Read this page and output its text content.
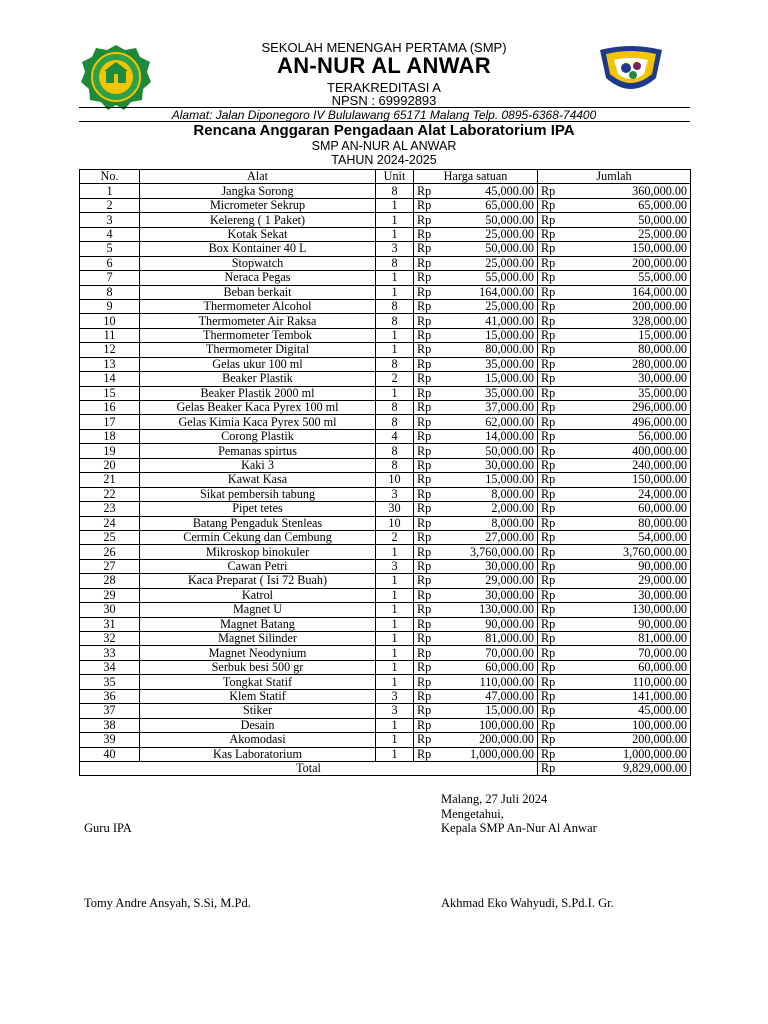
SEKOLAH MENENGAH PERTAMA (SMP)
AN-NUR AL ANWAR
TERAKREDITASI A
NPSN : 69992893
Alamat: Jalan Diponegoro IV Bululawang 65171 Malang Telp. 0895-6368-74400
Rencana Anggaran Pengadaan Alat Laboratorium IPA
SMP AN-NUR AL ANWAR
TAHUN 2024-2025
No.	Alat	Unit	Harga satuan		Jumlah	
1	Jangka Sorong	8	Rp	45,000.00	Rp	360,000.00
2	Micrometer Sekrup	1	Rp	65,000.00	Rp	65,000.00
3	Kelereng ( 1 Paket)	1	Rp	50,000.00	Rp	50,000.00
4	Kotak Sekat	1	Rp	25,000.00	Rp	25,000.00
5	Box Kontainer 40 L	3	Rp	50,000.00	Rp	150,000.00
6	Stopwatch	8	Rp	25,000.00	Rp	200,000.00
7	Neraca Pegas	1	Rp	55,000.00	Rp	55,000.00
8	Beban berkait	1	Rp	164,000.00	Rp	164,000.00
9	Thermometer Alcohol	8	Rp	25,000.00	Rp	200,000.00
10	Thermometer Air Raksa	8	Rp	41,000.00	Rp	328,000.00
11	Thermometer Tembok	1	Rp	15,000.00	Rp	15,000.00
12	Thermometer Digital	1	Rp	80,000.00	Rp	80,000.00
13	Gelas ukur 100 ml	8	Rp	35,000.00	Rp	280,000.00
14	Beaker Plastik	2	Rp	15,000.00	Rp	30,000.00
15	Beaker Plastik 2000 ml	1	Rp	35,000.00	Rp	35,000.00
16	Gelas Beaker Kaca Pyrex 100 ml	8	Rp	37,000.00	Rp	296,000.00
17	Gelas Kimia Kaca Pyrex 500 ml	8	Rp	62,000.00	Rp	496,000.00
18	Corong Plastik	4	Rp	14,000.00	Rp	56,000.00
19	Pemanas spirtus	8	Rp	50,000.00	Rp	400,000.00
20	Kaki 3	8	Rp	30,000.00	Rp	240,000.00
21	Kawat Kasa	10	Rp	15,000.00	Rp	150,000.00
22	Sikat pembersih tabung	3	Rp	8,000.00	Rp	24,000.00
23	Pipet tetes	30	Rp	2,000.00	Rp	60,000.00
24	Batang Pengaduk Stenleas	10	Rp	8,000.00	Rp	80,000.00
25	Cermin Cekung dan Cembung	2	Rp	27,000.00	Rp	54,000.00
26	Mikroskop binokuler	1	Rp	3,760,000.00	Rp	3,760,000.00
27	Cawan Petri	3	Rp	30,000.00	Rp	90,000.00
28	Kaca Preparat ( Isi 72 Buah)	1	Rp	29,000.00	Rp	29,000.00
29	Katrol	1	Rp	30,000.00	Rp	30,000.00
30	Magnet U	1	Rp	130,000.00	Rp	130,000.00
31	Magnet Batang	1	Rp	90,000.00	Rp	90,000.00
32	Magnet Silinder	1	Rp	81,000.00	Rp	81,000.00
33	Magnet Neodynium	1	Rp	70,000.00	Rp	70,000.00
34	Serbuk besi 500 gr	1	Rp	60,000.00	Rp	60,000.00
35	Tongkat Statif	1	Rp	110,000.00	Rp	110,000.00
36	Klem Statif	3	Rp	47,000.00	Rp	141,000.00
37	Stiker	3	Rp	15,000.00	Rp	45,000.00
38	Desain	1	Rp	100,000.00	Rp	100,000.00
39	Akomodasi	1	Rp	200,000.00	Rp	200,000.00
40	Kas Laboratorium	1	Rp	1,000,000.00	Rp	1,000,000.00
Total					Rp	9,829,000.00
Malang, 27 Juli 2024
Mengetahui,
Guru IPA	Kepala SMP An-Nur Al Anwar
Tomy Andre Ansyah, S.Si, M.Pd.	Akhmad Eko Wahyudi, S.Pd.I. Gr.
